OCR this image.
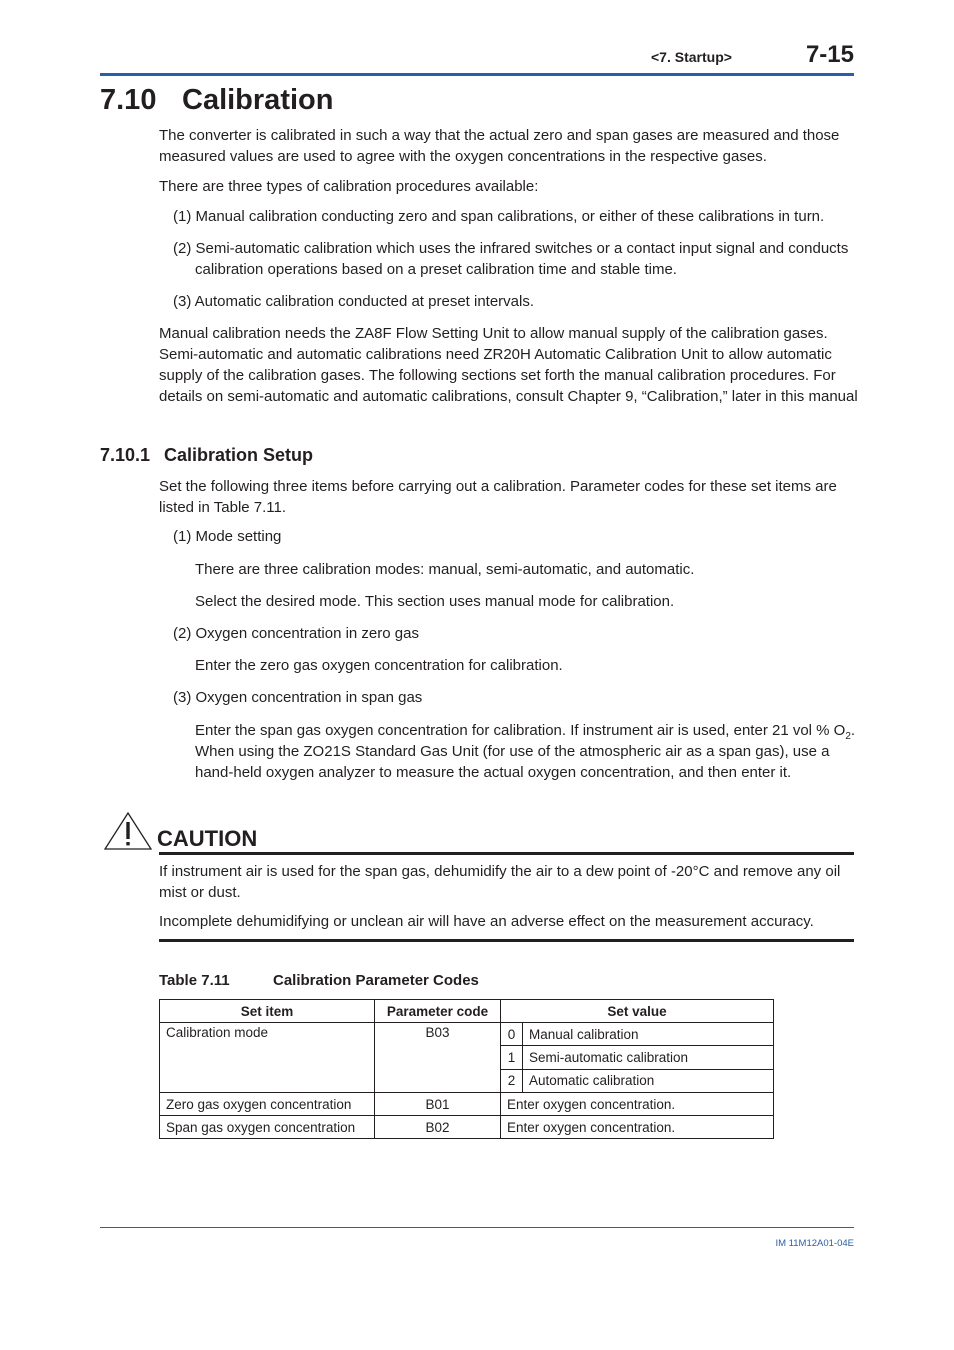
<7. Startup>	7-15
7.10 Calibration
The converter is calibrated in such a way that the actual zero and span gases are measured and those measured values are used to agree with the oxygen concentrations in the respective gases.
There are three types of calibration procedures available:
(1) Manual calibration conducting zero and span calibrations, or either of these calibrations in turn.
(2) Semi-automatic calibration which uses the infrared switches or a contact input signal and conducts calibration operations based on a preset calibration time and stable time.
(3) Automatic calibration conducted at preset intervals.
Manual calibration needs the ZA8F Flow Setting Unit to allow manual supply of the calibration gases. Semi-automatic and automatic calibrations need ZR20H Automatic Calibration Unit to allow automatic supply of the calibration gases. The following sections set forth the manual calibration procedures. For details on semi-automatic and automatic calibrations, consult Chapter 9, “Calibration,” later in this manual
7.10.1 Calibration Setup
Set the following three items before carrying out a calibration. Parameter codes for these set items are listed in Table 7.11.
(1) Mode setting
There are three calibration modes: manual, semi-automatic, and automatic.
Select the desired mode. This section uses manual mode for calibration.
(2) Oxygen concentration in zero gas
Enter the zero gas oxygen concentration for calibration.
(3) Oxygen concentration in span gas
Enter the span gas oxygen concentration for calibration. If instrument air is used, enter 21 vol % $O_2$. When using the ZO21S Standard Gas Unit (for use of the atmospheric air as a span gas), use a hand-held oxygen analyzer to measure the actual oxygen concentration, and then enter it.
CAUTION
If instrument air is used for the span gas, dehumidify the air to a dew point of -20°C and remove any oil mist or dust.
Incomplete dehumidifying or unclean air will have an adverse effect on the measurement accuracy.
Table 7.11	Calibration Parameter Codes
Set item	Parameter code	Set value	
Calibration mode	B03	0	Manual calibration
		1	Semi-automatic calibration
		2	Automatic calibration
Zero gas oxygen concentration	B01	Enter oxygen concentration.	
Span gas oxygen concentration	B02	Enter oxygen concentration.	
IM 11M12A01-04E
